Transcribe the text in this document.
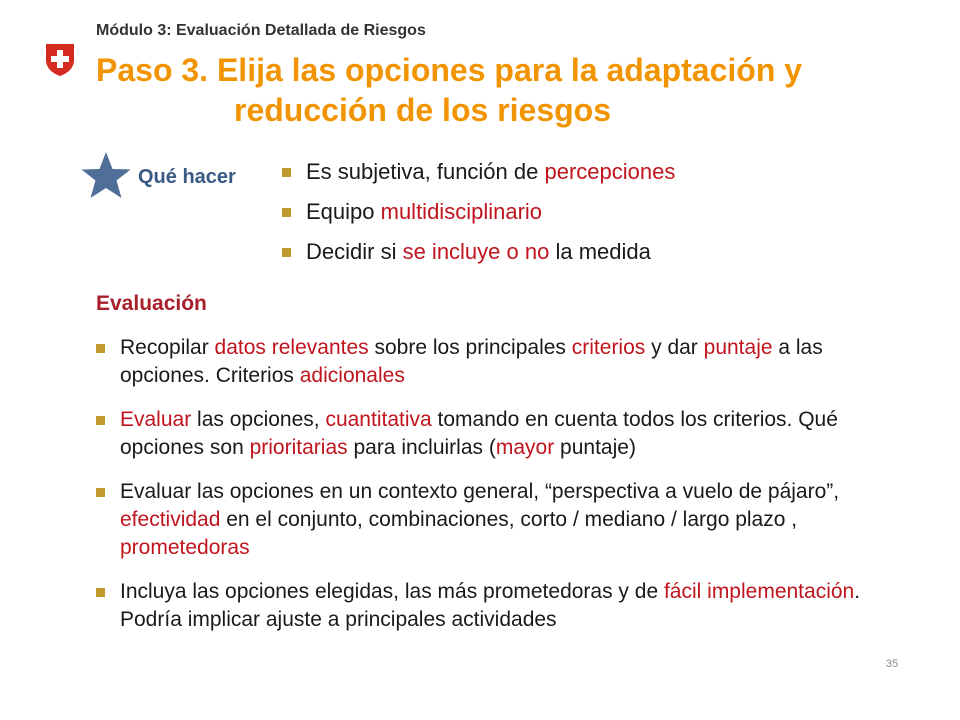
Módulo 3: Evaluación Detallada de Riesgos
Paso 3. Elija las opciones para la adaptación y
reducción de los riesgos
Qué hacer	Es subjetiva, función de percepciones
Equipo multidisciplinario
Decidir si se incluye o no la medida
Evaluación
Recopilar datos relevantes sobre los principales criterios y dar puntaje a las opciones. Criterios adicionales
Evaluar las opciones, cuantitativa tomando en cuenta todos los criterios. Qué opciones son prioritarias para incluirlas (mayor puntaje)
Evaluar las opciones en un contexto general, “perspectiva a vuelo de pájaro”, efectividad en el conjunto, combinaciones, corto / mediano / largo plazo , prometedoras
Incluya las opciones elegidas, las más prometedoras y de fácil implementación. Podría implicar ajuste a principales actividades
35
